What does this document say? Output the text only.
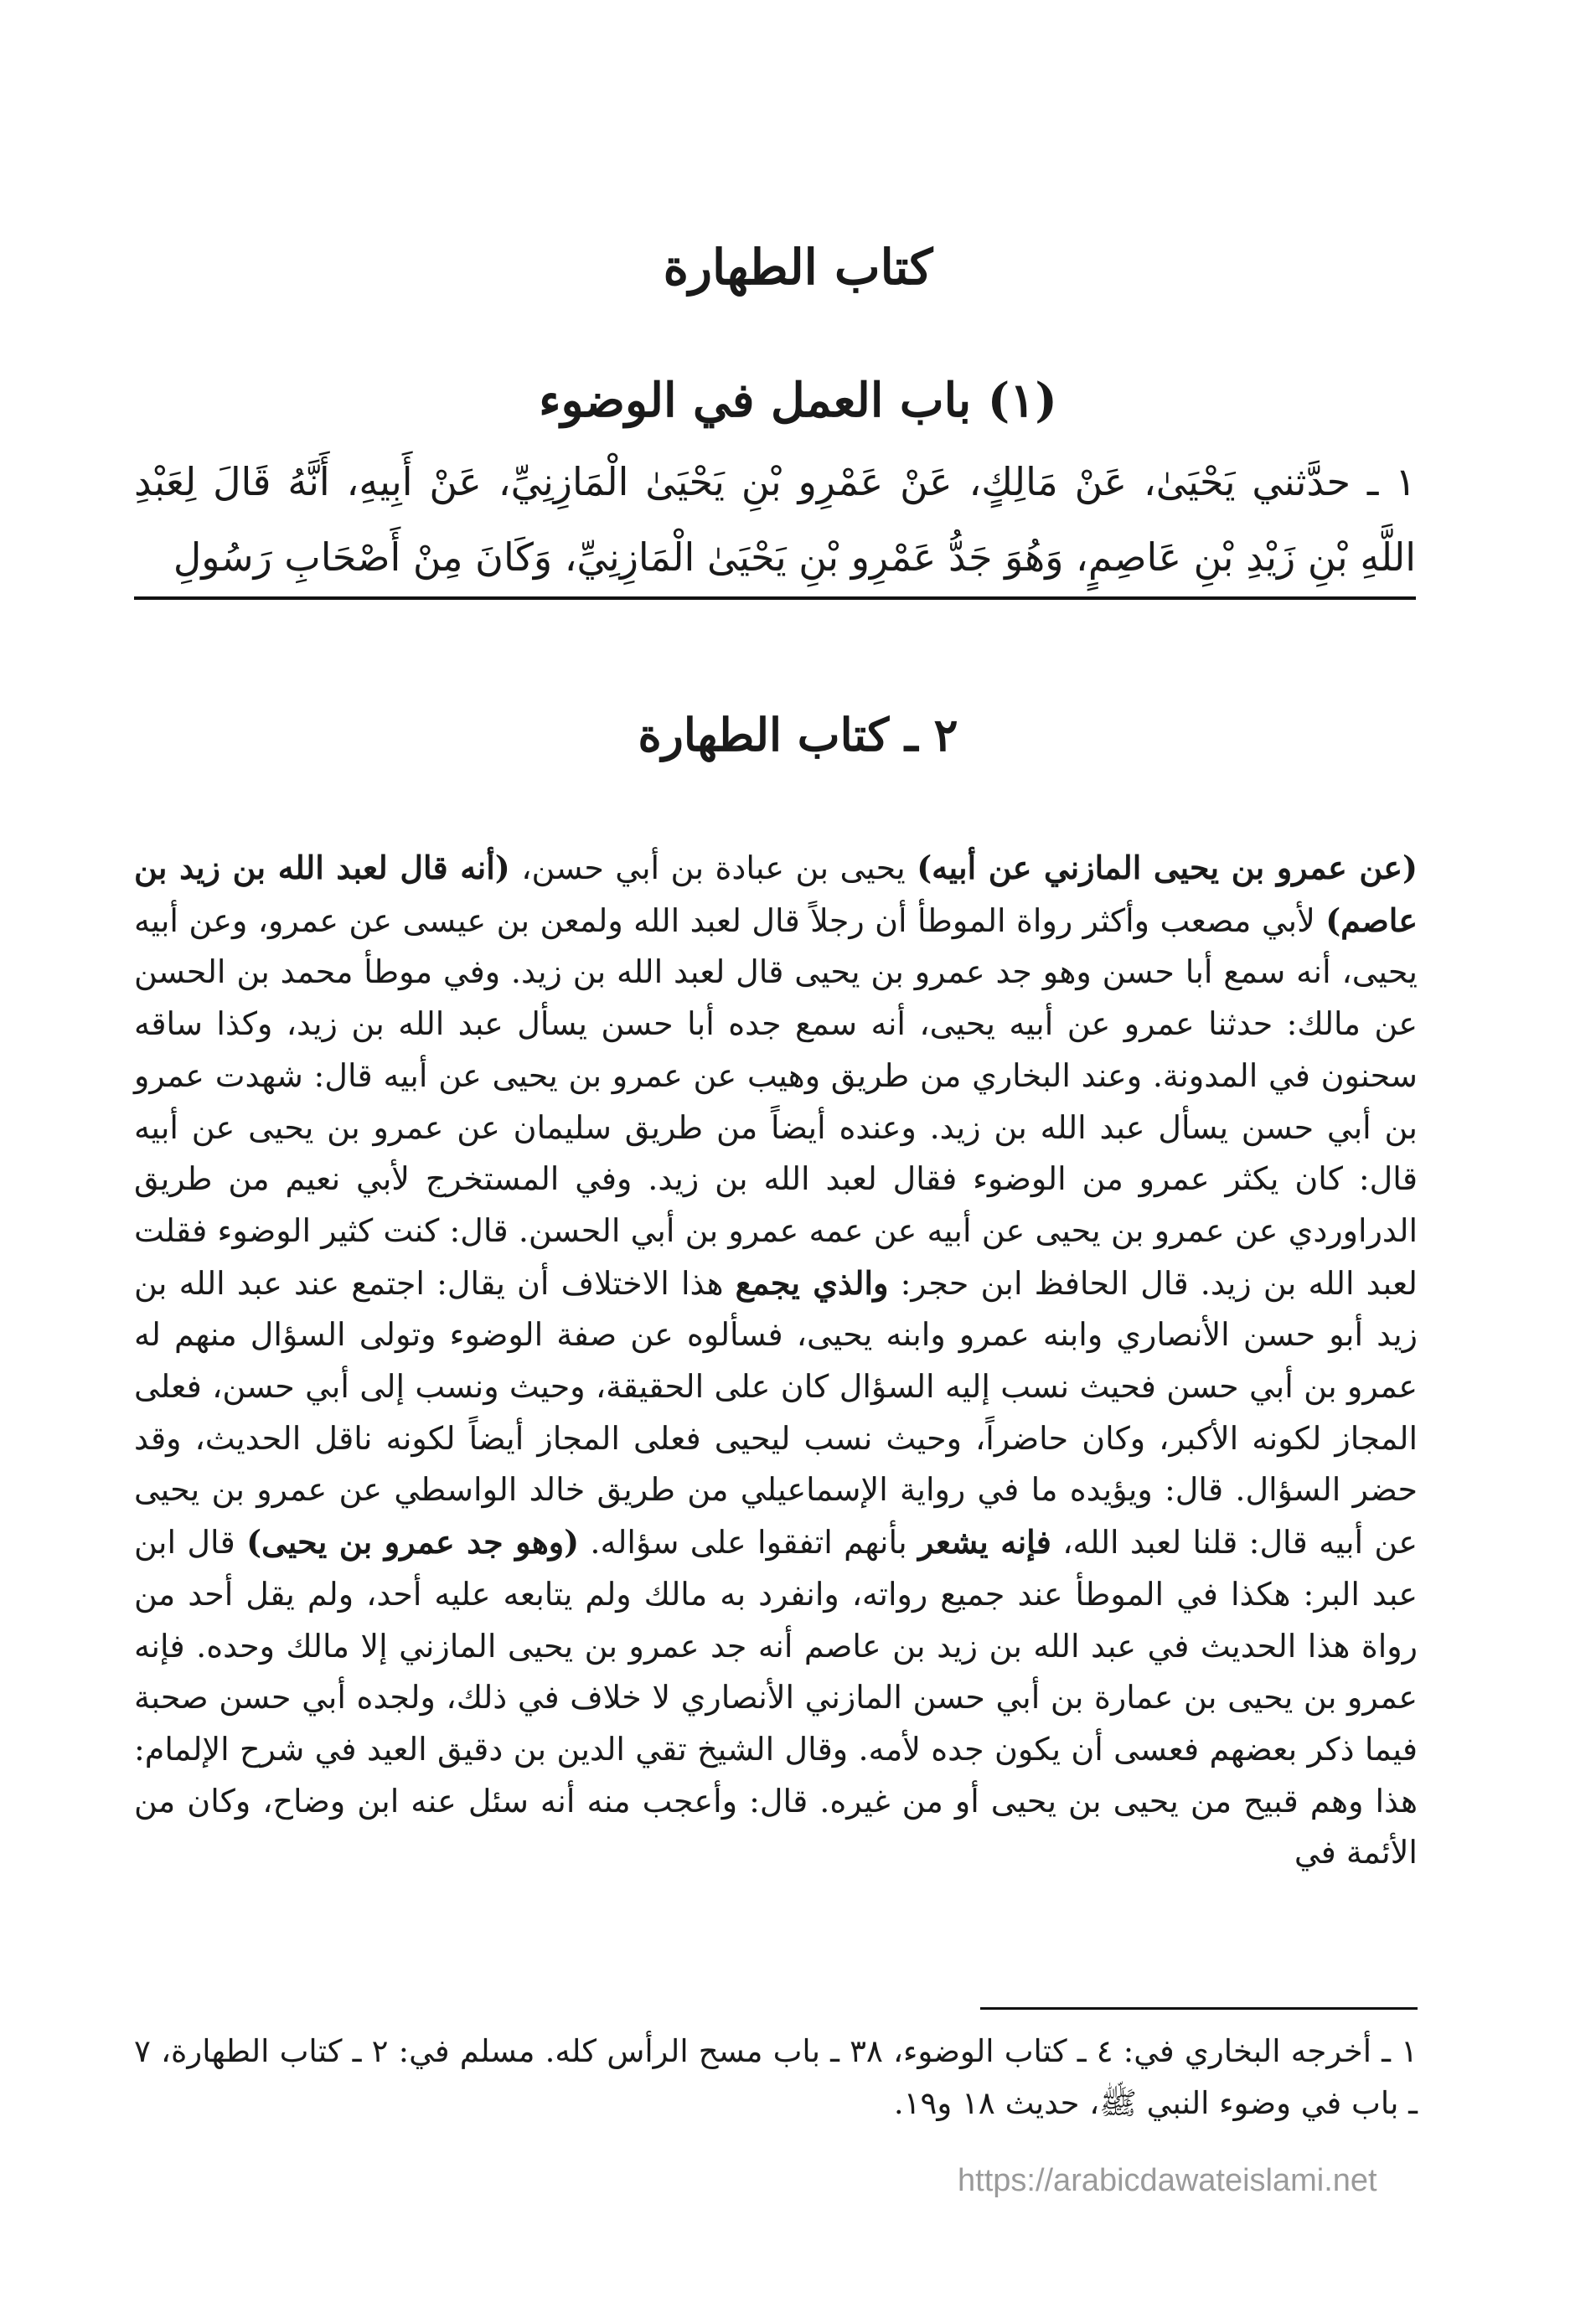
كتاب الطهارة
(١) باب العمل في الوضوء
١ ـ حدَّثني يَحْيَىٰ، عَنْ مَالِكٍ، عَنْ عَمْرِو بْنِ يَحْيَىٰ الْمَازِنِيِّ، عَنْ أَبِيهِ، أَنَّهُ قَالَ لِعَبْدِ اللَّهِ بْنِ زَيْدِ بْنِ عَاصِمٍ، وَهُوَ جَدُّ عَمْرِو بْنِ يَحْيَىٰ الْمَازِنِيِّ، وَكَانَ مِنْ أَصْحَابِ رَسُولِ
٢ ـ كتاب الطهارة
(عن عمرو بن يحيى المازني عن أبيه) يحيى بن عبادة بن أبي حسن، (أنه قال لعبد الله بن زيد بن عاصم) لأبي مصعب وأكثر رواة الموطأ أن رجلاً قال لعبد الله ولمعن بن عيسى عن عمرو، وعن أبيه يحيى، أنه سمع أبا حسن وهو جد عمرو بن يحيى قال لعبد الله بن زيد. وفي موطأ محمد بن الحسن عن مالك: حدثنا عمرو عن أبيه يحيى، أنه سمع جده أبا حسن يسأل عبد الله بن زيد، وكذا ساقه سحنون في المدونة. وعند البخاري من طريق وهيب عن عمرو بن يحيى عن أبيه قال: شهدت عمرو بن أبي حسن يسأل عبد الله بن زيد. وعنده أيضاً من طريق سليمان عن عمرو بن يحيى عن أبيه قال: كان يكثر عمرو من الوضوء فقال لعبد الله بن زيد. وفي المستخرج لأبي نعيم من طريق الدراوردي عن عمرو بن يحيى عن أبيه عن عمه عمرو بن أبي الحسن. قال: كنت كثير الوضوء فقلت لعبد الله بن زيد. قال الحافظ ابن حجر: والذي يجمع هذا الاختلاف أن يقال: اجتمع عند عبد الله بن زيد أبو حسن الأنصاري وابنه عمرو وابنه يحيى، فسألوه عن صفة الوضوء وتولى السؤال منهم له عمرو بن أبي حسن فحيث نسب إليه السؤال كان على الحقيقة، وحيث ونسب إلى أبي حسن، فعلى المجاز لكونه الأكبر، وكان حاضراً، وحيث نسب ليحيى فعلى المجاز أيضاً لكونه ناقل الحديث، وقد حضر السؤال. قال: ويؤيده ما في رواية الإسماعيلي من طريق خالد الواسطي عن عمرو بن يحيى عن أبيه قال: قلنا لعبد الله، فإنه يشعر بأنهم اتفقوا على سؤاله. (وهو جد عمرو بن يحيى) قال ابن عبد البر: هكذا في الموطأ عند جميع رواته، وانفرد به مالك ولم يتابعه عليه أحد، ولم يقل أحد من رواة هذا الحديث في عبد الله بن زيد بن عاصم أنه جد عمرو بن يحيى المازني إلا مالك وحده. فإنه عمرو بن يحيى بن عمارة بن أبي حسن المازني الأنصاري لا خلاف في ذلك، ولجده أبي حسن صحبة فيما ذكر بعضهم فعسى أن يكون جده لأمه. وقال الشيخ تقي الدين بن دقيق العيد في شرح الإلمام: هذا وهم قبيح من يحيى بن يحيى أو من غيره. قال: وأعجب منه أنه سئل عنه ابن وضاح، وكان من الأئمة في
١ ـ أخرجه البخاري في: ٤ ـ كتاب الوضوء، ٣٨ ـ باب مسح الرأس كله. مسلم في: ٢ ـ كتاب الطهارة، ٧ ـ باب في وضوء النبي ﷺ، حديث ١٨ و١٩.
https://arabicdawateislami.net
